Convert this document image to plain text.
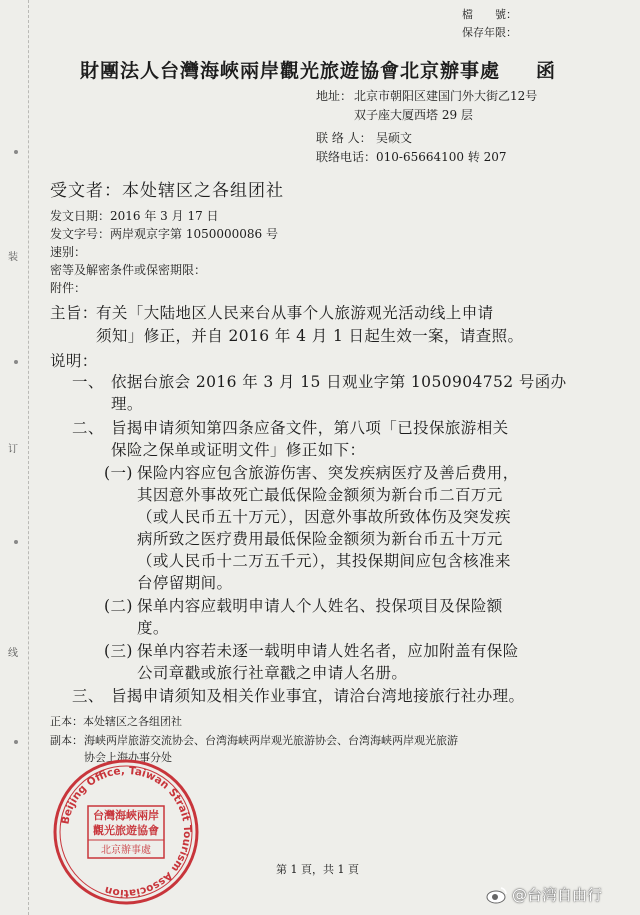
装
订
线
檔　　號：
保存年限：
財團法人台灣海峽兩岸觀光旅遊協會北京辦事處 函
地址： 北京市朝阳区建国门外大街乙12号
双子座大厦西塔 29 层
联 络 人： 吴硕文
联络电话： 010-65664100 转 207
受文者：本处辖区之各组团社
发文日期：2016 年 3 月 17 日
发文字号：两岸观京字第 1050000086 号
速别：
密等及解密条件或保密期限：
附件：
主旨：
有关「大陆地区人民来台从事个人旅游观光活动线上申请
须知」修正，并自 2016 年 4 月 1 日起生效一案，请查照。
说明：
一、 依据台旅会 2016 年 3 月 15 日观业字第 1050904752 号函办
理。
二、 旨揭申请须知第四条应备文件，第八项「已投保旅游相关
保险之保单或证明文件」修正如下：
(一) 保险内容应包含旅游伤害、突发疾病医疗及善后费用，
其因意外事故死亡最低保险金额须为新台币二百万元
（或人民币五十万元），因意外事故所致体伤及突发疾
病所致之医疗费用最低保险金额须为新台币五十万元
（或人民币十二万五千元），其投保期间应包含核准来
台停留期间。
(二) 保单内容应载明申请人个人姓名、投保项目及保险额
度。
(三) 保单内容若未逐一载明申请人姓名者，应加附盖有保险
公司章戳或旅行社章戳之申请人名册。
三、 旨揭申请须知及相关作业事宜，请洽台湾地接旅行社办理。
正本：本处辖区之各组团社
副本： 海峡两岸旅游交流协会、台湾海峡两岸观光旅游协会、台湾海峡两岸观光旅游
协会上海办事分处
Beijing Office, Taiwan Strait Tourism Association
台灣海峽兩岸
觀光旅遊協會
北京辦事處
第 1 頁，共 1 頁
@台湾自由行
